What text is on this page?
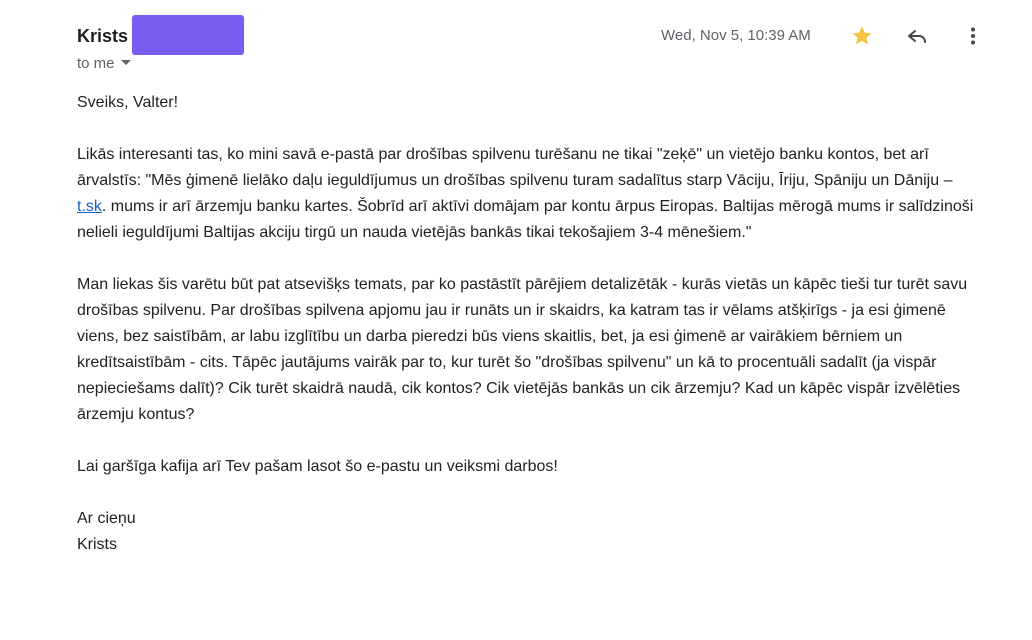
Krists
to me
Wed, Nov 5, 10:39 AM

Sveiks, Valter!

Likās interesanti tas, ko mini savā e-pastā par drošības spilvenu turēšanu ne tikai "zeķē" un vietējo banku kontos, bet arī ārvalstīs: "Mēs ģimenē lielāko daļu ieguldījumus un drošības spilvenu turam sadalītus starp Vāciju, Īriju, Spāniju un Dāniju – t.sk. mums ir arī ārzemju banku kartes. Šobrīd arī aktīvi domājam par kontu ārpus Eiropas. Baltijas mērogā mums ir salīdzinoši nelieli ieguldījumi Baltijas akciju tirgū un nauda vietējās bankās tikai tekošajiem 3-4 mēnešiem."

Man liekas šis varētu būt pat atsevišķs temats, par ko pastāstīt pārējiem detalizētāk - kurās vietās un kāpēc tieši tur turēt savu drošības spilvenu. Par drošības spilvena apjomu jau ir runāts un ir skaidrs, ka katram tas ir vēlams atšķirīgs - ja esi ģimenē viens, bez saistībām, ar labu izglītību un darba pieredzi būs viens skaitlis, bet, ja esi ģimenē ar vairākiem bērniem un kredītsaistībām - cits. Tāpēc jautājums vairāk par to, kur turēt šo "drošības spilvenu" un kā to procentuāli sadalīt (ja vispār nepieciešams dalīt)? Cik turēt skaidrā naudā, cik kontos? Cik vietējās bankās un cik ārzemju? Kad un kāpēc vispār izvēlēties ārzemju kontus?

Lai garšīga kafija arī Tev pašam lasot šo e-pastu un veiksmi darbos!

Ar cieņu

Krists
